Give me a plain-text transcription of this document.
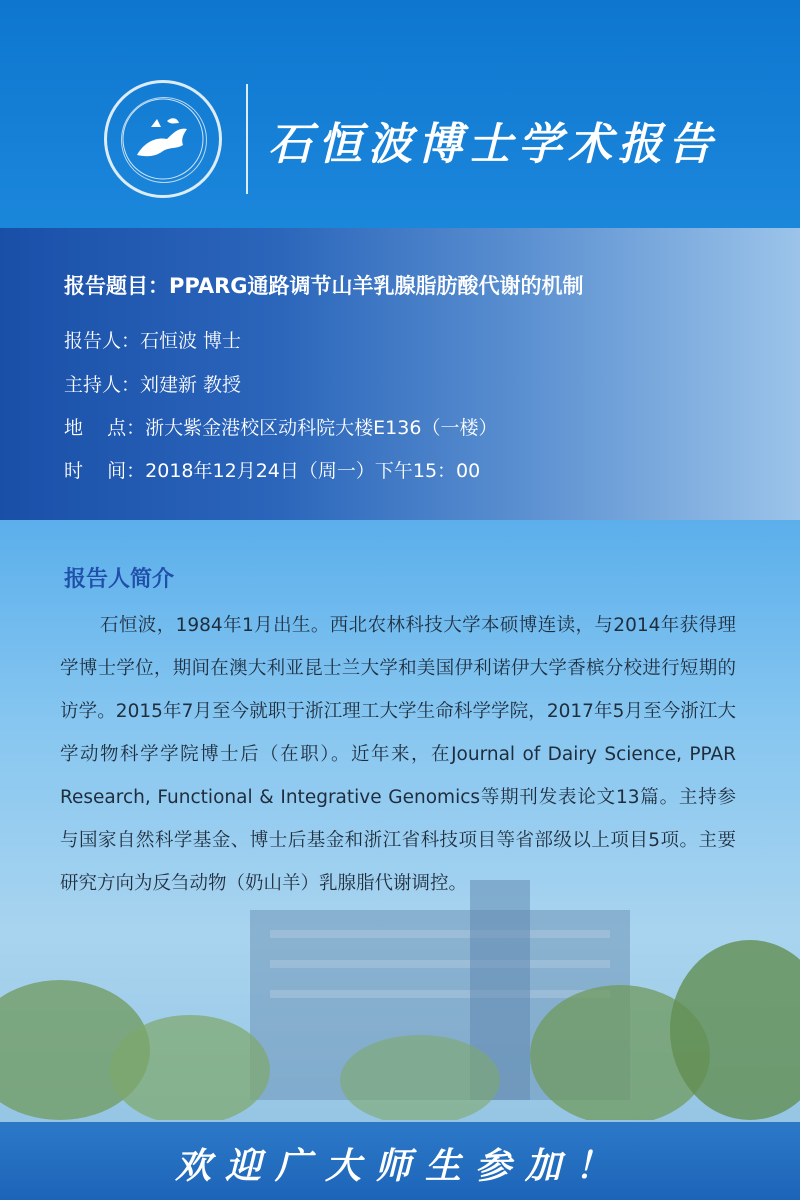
石恒波博士学术报告
报告题目：PPARG通路调节山羊乳腺脂肪酸代谢的机制
报告人：石恒波 博士
主持人：刘建新 教授
地    点：浙大紫金港校区动科院大楼E136（一楼）
时    间：2018年12月24日（周一）下午15：00
报告人简介

石恒波，1984年1月出生。西北农林科技大学本硕博连读，与2014年获得理学博士学位，期间在澳大利亚昆士兰大学和美国伊利诺伊大学香槟分校进行短期的访学。2015年7月至今就职于浙江理工大学生命科学学院，2017年5月至今浙江大学动物科学学院博士后（在职）。近年来，在Journal of Dairy Science, PPAR Research, Functional & Integrative Genomics等期刊发表论文13篇。主持参与国家自然科学基金、博士后基金和浙江省科技项目等省部级以上项目5项。主要研究方向为反刍动物（奶山羊）乳腺脂代谢调控。

欢迎广大师生参加！
